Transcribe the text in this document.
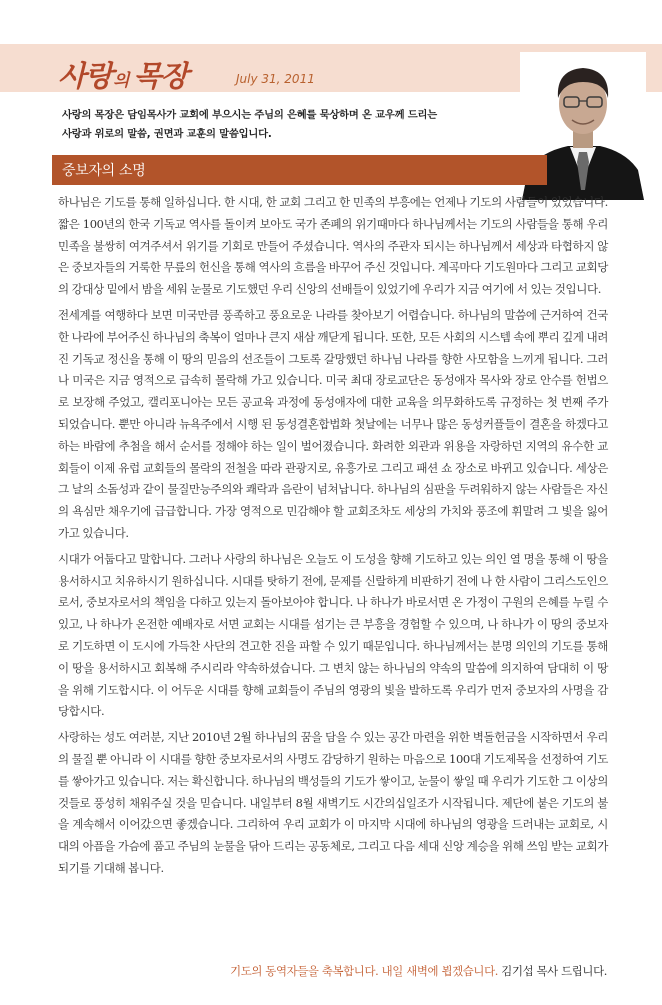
사랑 의 목장	July 31, 2011
사랑의 목장은 담임목사가 교회에 부으시는 주님의 은혜를 묵상하며 온 교우께 드리는
사랑과 위로의 말씀, 권면과 교훈의 말씀입니다.
중보자의 소명

하나님은 기도를 통해 일하십니다. 한 시대, 한 교회 그리고 한 민족의 부흥에는 언제나 기도의 사람들이 있었습니다. 짧은 100년의 한국 기독교 역사를 돌이켜 보아도 국가 존폐의 위기때마다 하나님께서는 기도의 사람들을 통해 우리 민족을 불쌍히 여겨주셔서 위기를 기회로 만들어 주셨습니다. 역사의 주관자 되시는 하나님께서 세상과 타협하지 않은 중보자들의 거룩한 무릎의 헌신을 통해 역사의 흐름을 바꾸어 주신 것입니다. 계곡마다 기도원마다 그리고 교회당의 강대상 밑에서 밤을 세워 눈물로 기도했던 우리 신앙의 선배들이 있었기에 우리가 지금 여기에 서 있는 것입니다.

전세계를 여행하다 보면 미국만큼 풍족하고 풍요로운 나라를 찾아보기 어렵습니다. 하나님의 말씀에 근거하여 건국한 나라에 부어주신 하나님의 축복이 얼마나 큰지 새삼 깨닫게 됩니다. 또한, 모든 사회의 시스템 속에 뿌리 깊게 내려진 기독교 정신을 통해 이 땅의 믿음의 선조들이 그토록 갈망했던 하나님 나라를 향한 사모함을 느끼게 됩니다. 그러나 미국은 지금 영적으로 급속히 몰락해 가고 있습니다. 미국 최대 장로교단은 동성애자 목사와 장로 안수를 헌법으로 보장해 주었고, 캘리포니아는 모든 공교육 과정에 동성애자에 대한 교육을 의무화하도록 규정하는 첫 번째 주가 되었습니다. 뿐만 아니라 뉴욕주에서 시행 된 동성결혼합법화 첫날에는 너무나 많은 동성커플들이 결혼을 하겠다고 하는 바람에 추첨을 해서 순서를 정해야 하는 일이 벌어졌습니다. 화려한 외관과 위용을 자랑하던 지역의 유수한 교회들이 이제 유럽 교회들의 몰락의 전철을 따라 관광지로, 유흥가로 그리고 패션 쇼 장소로 바뀌고 있습니다. 세상은 그 날의 소돔성과 같이 물질만능주의와 쾌락과 음란이 넘쳐납니다. 하나님의 심판을 두려워하지 않는 사람들은 자신의 욕심만 채우기에 급급합니다. 가장 영적으로 민감해야 할 교회조차도 세상의 가치와 풍조에 휘말려 그 빛을 잃어가고 있습니다.

시대가 어둡다고 말합니다. 그러나 사랑의 하나님은 오늘도 이 도성을 향해 기도하고 있는 의인 열 명을 통해 이 땅을 용서하시고 치유하시기 원하십니다. 시대를 탓하기 전에, 문제를 신랄하게 비판하기 전에 나 한 사람이 그리스도인으로서, 중보자로서의 책임을 다하고 있는지 돌아보아야 합니다. 나 하나가 바로서면 온 가정이 구원의 은혜를 누릴 수 있고, 나 하나가 온전한 예배자로 서면 교회는 시대를 섬기는 큰 부흥을 경험할 수 있으며, 나 하나가 이 땅의 중보자로 기도하면 이 도시에 가득찬 사단의 견고한 진을 파할 수 있기 때문입니다. 하나님께서는 분명 의인의 기도를 통해 이 땅을 용서하시고 회복해 주시리라 약속하셨습니다. 그 변치 않는 하나님의 약속의 말씀에 의지하여 담대히 이 땅을 위해 기도합시다. 이 어두운 시대를 향해 교회들이 주님의 영광의 빛을 발하도록 우리가 먼저 중보자의 사명을 감당합시다.

사랑하는 성도 여러분, 지난 2010년 2월 하나님의 꿈을 담을 수 있는 공간 마련을 위한 벽돌헌금을 시작하면서 우리의 물질 뿐 아니라 이 시대를 향한 중보자로서의 사명도 감당하기 원하는 마음으로 100대 기도제목을 선정하여 기도를 쌓아가고 있습니다. 저는 확신합니다. 하나님의 백성들의 기도가 쌓이고, 눈물이 쌓일 때 우리가 기도한 그 이상의 것들로 풍성히 채워주실 것을 믿습니다. 내일부터 8월 새벽기도 시간의십일조가 시작됩니다. 제단에 붙은 기도의 불을 계속해서 이어갔으면 좋겠습니다. 그리하여 우리 교회가 이 마지막 시대에 하나님의 영광을 드러내는 교회로, 시대의 아픔을 가슴에 품고 주님의 눈물을 닦아 드리는 공동체로, 그리고 다음 세대 신앙 계승을 위해 쓰임 받는 교회가 되기를 기대해 봅니다.

기도의 동역자들을 축복합니다. 내일 새벽에 뵙겠습니다. 김기섭 목사 드립니다.
